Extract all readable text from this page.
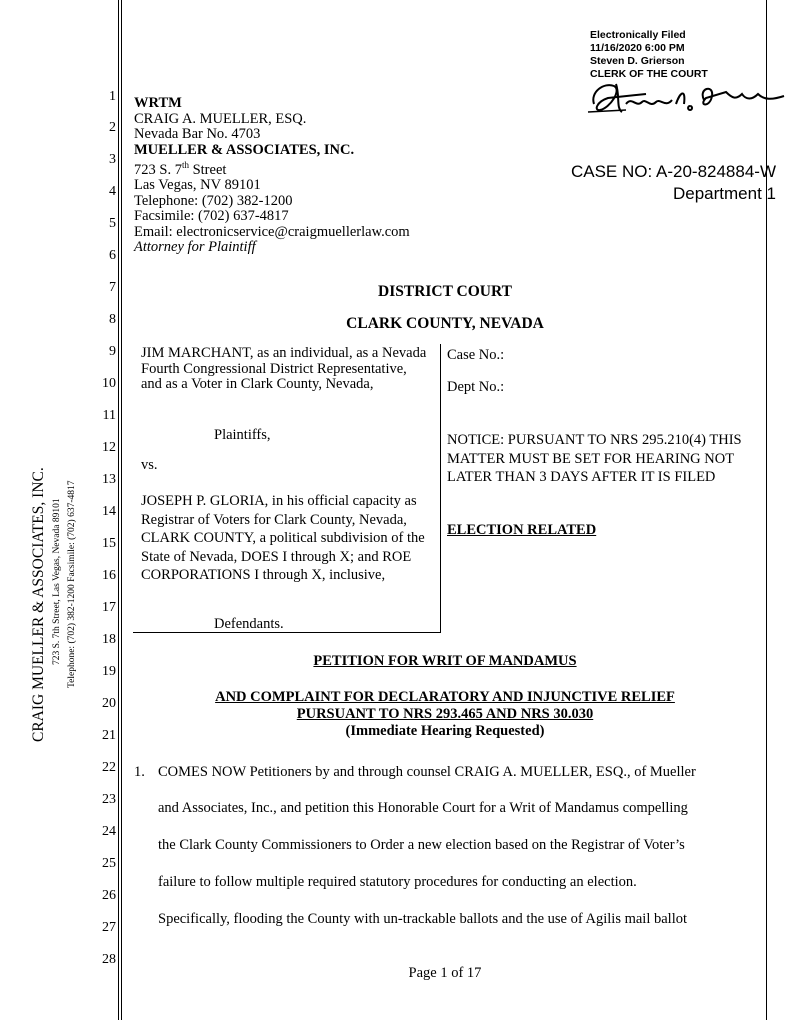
CRAIG MUELLER & ASSOCIATES, INC. 723 S. 7th Street, Las Vegas, Nevada 89101 Telephone: (702) 382-1200 Facsimile: (702) 637-4817
1
2
3
4
5
6
7
8
9
10
11
12
13
14
15
16
17
18
19
20
21
22
23
24
25
26
27
28
Electronically Filed
11/16/2020 6:00 PM
Steven D. Grierson
CLERK OF THE COURT
CASE NO: A-20-824884-W
Department 1
WRTM
CRAIG A. MUELLER, ESQ.
Nevada Bar No. 4703
MUELLER & ASSOCIATES, INC.
723 S. 7th Street
Las Vegas, NV 89101
Telephone: (702) 382-1200
Facsimile: (702) 637-4817
Email: electronicservice@craigmuellerlaw.com
Attorney for Plaintiff
DISTRICT COURT
CLARK COUNTY, NEVADA
JIM MARCHANT, as an individual, as a Nevada Fourth Congressional District Representative, and as a Voter in Clark County, Nevada,
Plaintiffs,
vs.
JOSEPH P. GLORIA, in his official capacity as Registrar of Voters for Clark County, Nevada, CLARK COUNTY, a political subdivision of the State of Nevada, DOES I through X; and ROE CORPORATIONS I through X, inclusive,
Defendants.
Case No.:
Dept No.:
NOTICE: PURSUANT TO NRS 295.210(4) THIS MATTER MUST BE SET FOR HEARING NOT LATER THAN 3 DAYS AFTER IT IS FILED
ELECTION RELATED
PETITION FOR WRIT OF MANDAMUS
AND COMPLAINT FOR DECLARATORY AND INJUNCTIVE RELIEF
PURSUANT TO NRS 293.465 AND NRS 30.030
(Immediate Hearing Requested)
1. COMES NOW Petitioners by and through counsel CRAIG A. MUELLER, ESQ., of Mueller
and Associates, Inc., and petition this Honorable Court for a Writ of Mandamus compelling
the Clark County Commissioners to Order a new election based on the Registrar of Voter’s
failure to follow multiple required statutory procedures for conducting an election.
Specifically, flooding the County with un-trackable ballots and the use of Agilis mail ballot
Page 1 of 17
